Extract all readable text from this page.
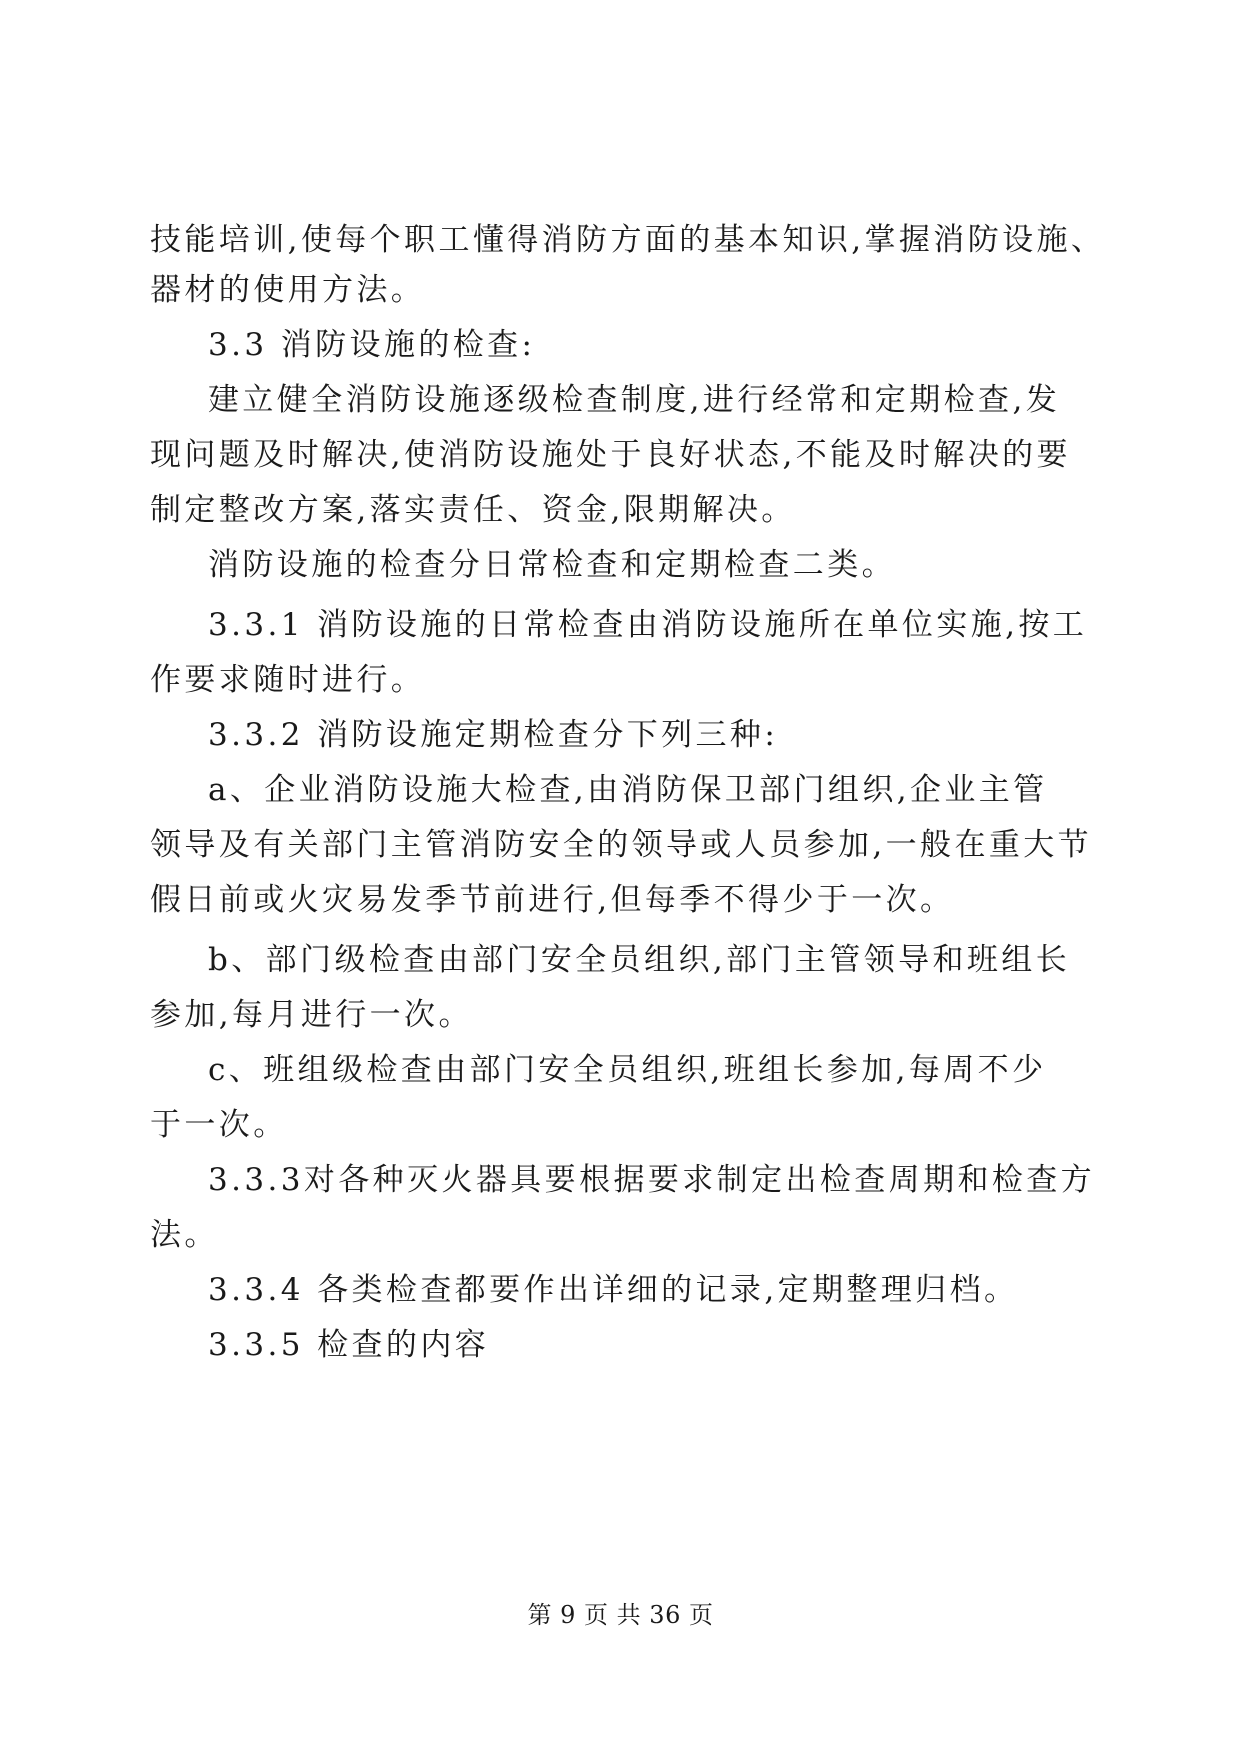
技能培训,使每个职工懂得消防方面的基本知识,掌握消防设施、
器材的使用方法。
3.3 消防设施的检查:
建立健全消防设施逐级检查制度,进行经常和定期检查,发
现问题及时解决,使消防设施处于良好状态,不能及时解决的要
制定整改方案,落实责任、资金,限期解决。
消防设施的检查分日常检查和定期检查二类。
3.3.1 消防设施的日常检查由消防设施所在单位实施,按工
作要求随时进行。
3.3.2 消防设施定期检查分下列三种:
a、企业消防设施大检查,由消防保卫部门组织,企业主管
领导及有关部门主管消防安全的领导或人员参加,一般在重大节
假日前或火灾易发季节前进行,但每季不得少于一次。
b、部门级检查由部门安全员组织,部门主管领导和班组长
参加,每月进行一次。
c、班组级检查由部门安全员组织,班组长参加,每周不少
于一次。
3.3.3对各种灭火器具要根据要求制定出检查周期和检查方
法。
3.3.4 各类检查都要作出详细的记录,定期整理归档。
3.3.5 检查的内容
第 9 页 共 36 页
